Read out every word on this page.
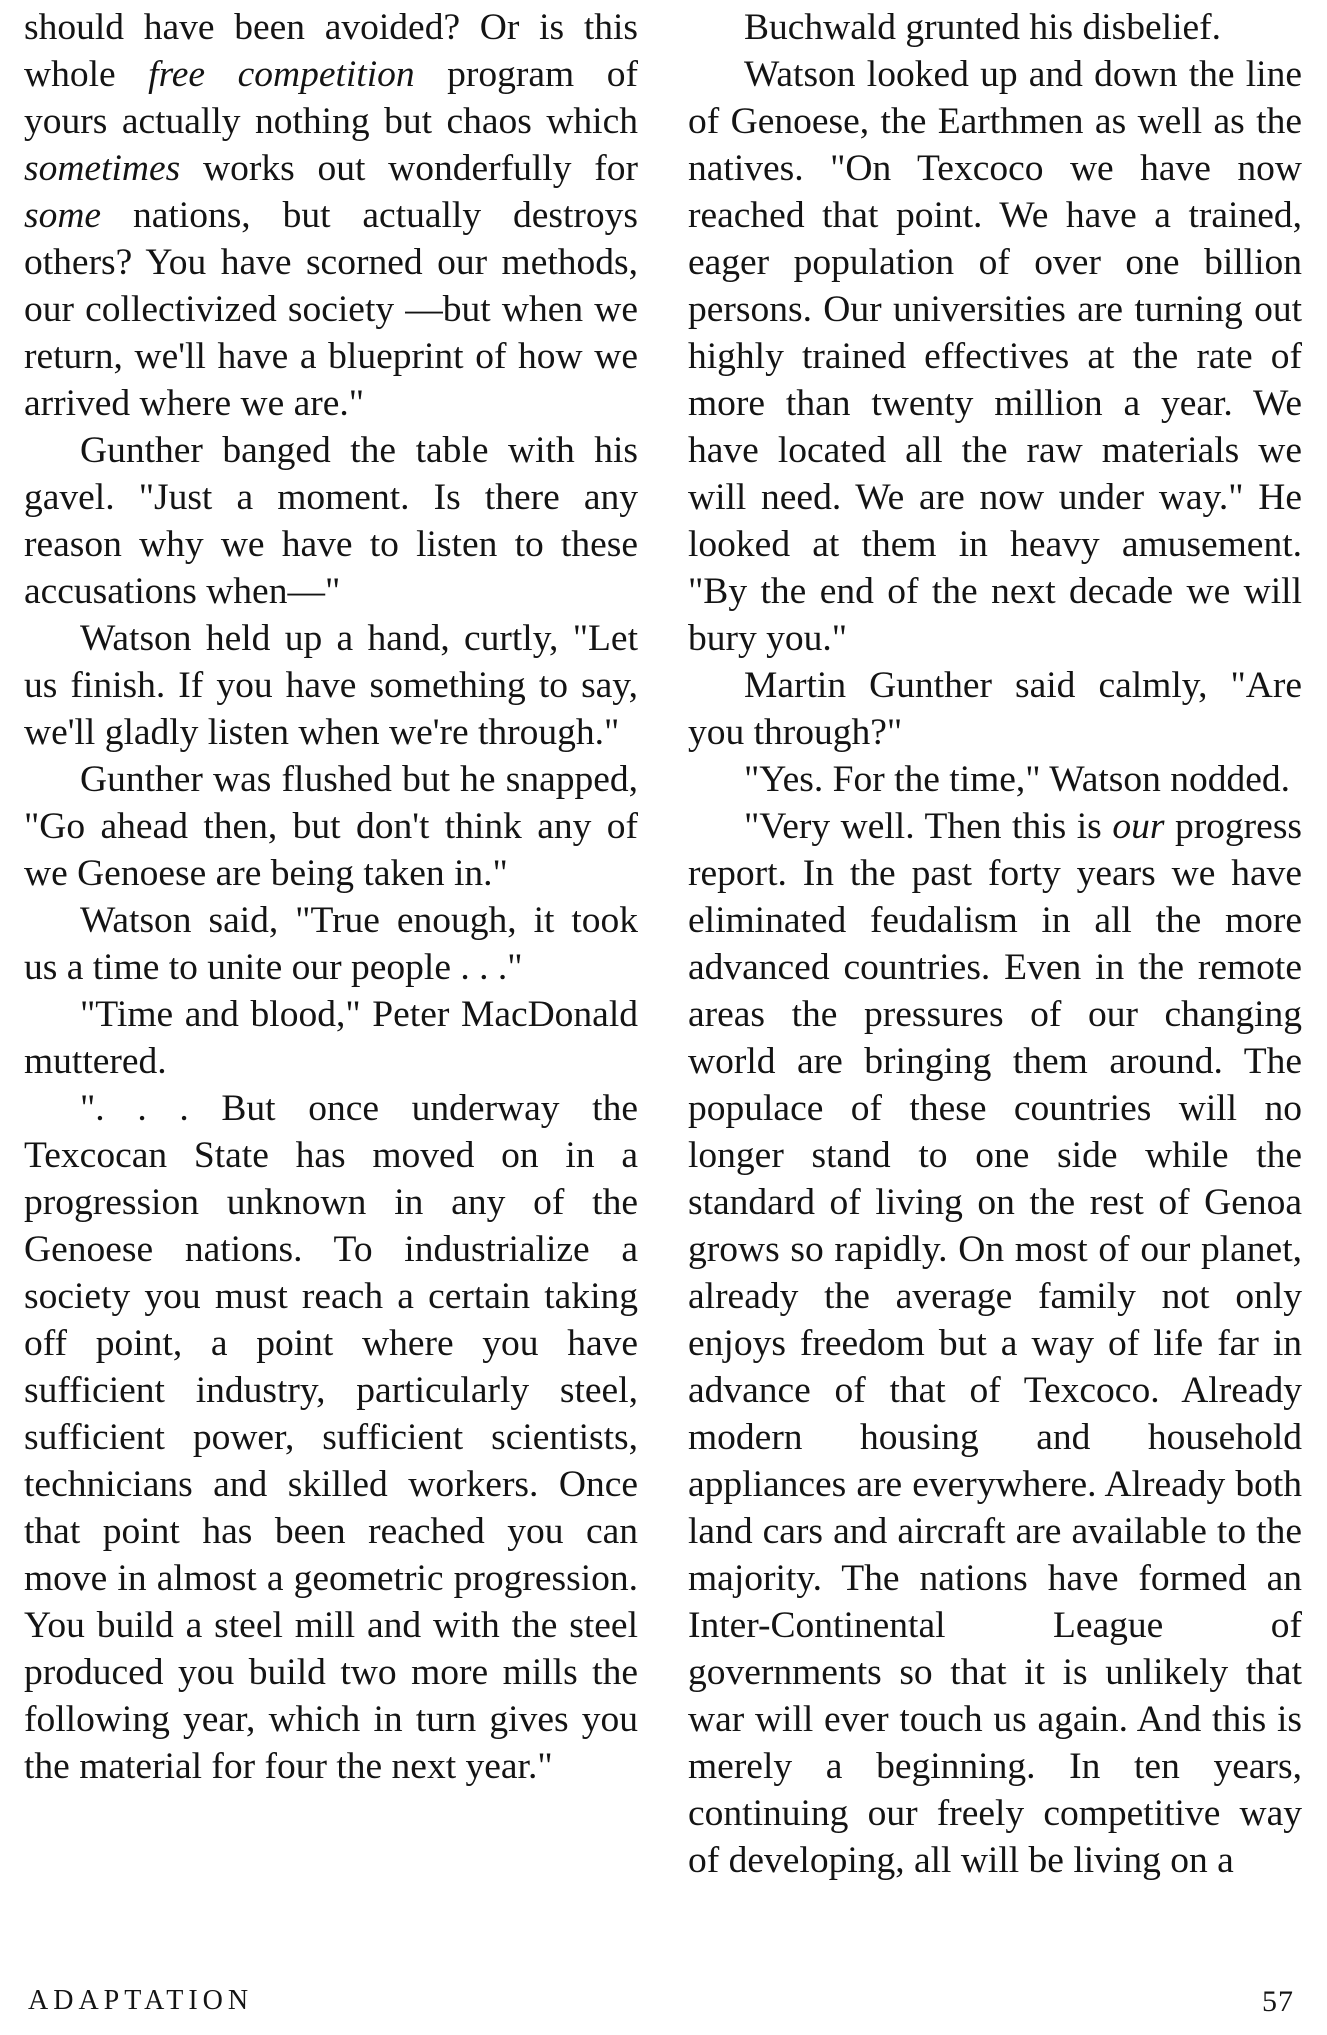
should have been avoided? Or is this whole free competition program of yours actually nothing but chaos which sometimes works out wonderfully for some nations, but actually destroys others? You have scorned our methods, our collectivized society —but when we return, we'll have a blueprint of how we arrived where we are."

Gunther banged the table with his gavel. "Just a moment. Is there any reason why we have to listen to these accusations when—"

Watson held up a hand, curtly, "Let us finish. If you have something to say, we'll gladly listen when we're through."

Gunther was flushed but he snapped, "Go ahead then, but don't think any of we Genoese are being taken in."

Watson said, "True enough, it took us a time to unite our people . . ."

"Time and blood," Peter MacDonald muttered.

". . . But once underway the Texcocan State has moved on in a progression unknown in any of the Genoese nations. To industrialize a society you must reach a certain taking off point, a point where you have sufficient industry, particularly steel, sufficient power, sufficient scientists, technicians and skilled workers. Once that point has been reached you can move in almost a geometric progression. You build a steel mill and with the steel produced you build two more mills the following year, which in turn gives you the material for four the next year."

Buchwald grunted his disbelief.

Watson looked up and down the line of Genoese, the Earthmen as well as the natives. "On Texcoco we have now reached that point. We have a trained, eager population of over one billion persons. Our universities are turning out highly trained effectives at the rate of more than twenty million a year. We have located all the raw materials we will need. We are now under way." He looked at them in heavy amusement. "By the end of the next decade we will bury you."

Martin Gunther said calmly, "Are you through?"

"Yes. For the time," Watson nodded.

"Very well. Then this is our progress report. In the past forty years we have eliminated feudalism in all the more advanced countries. Even in the remote areas the pressures of our changing world are bringing them around. The populace of these countries will no longer stand to one side while the standard of living on the rest of Genoa grows so rapidly. On most of our planet, already the average family not only enjoys freedom but a way of life far in advance of that of Texcoco. Already modern housing and household appliances are everywhere. Already both land cars and aircraft are available to the majority. The nations have formed an Inter-Continental League of governments so that it is unlikely that war will ever touch us again. And this is merely a beginning. In ten years, continuing our freely competitive way of developing, all will be living on a

ADAPTATION	57
